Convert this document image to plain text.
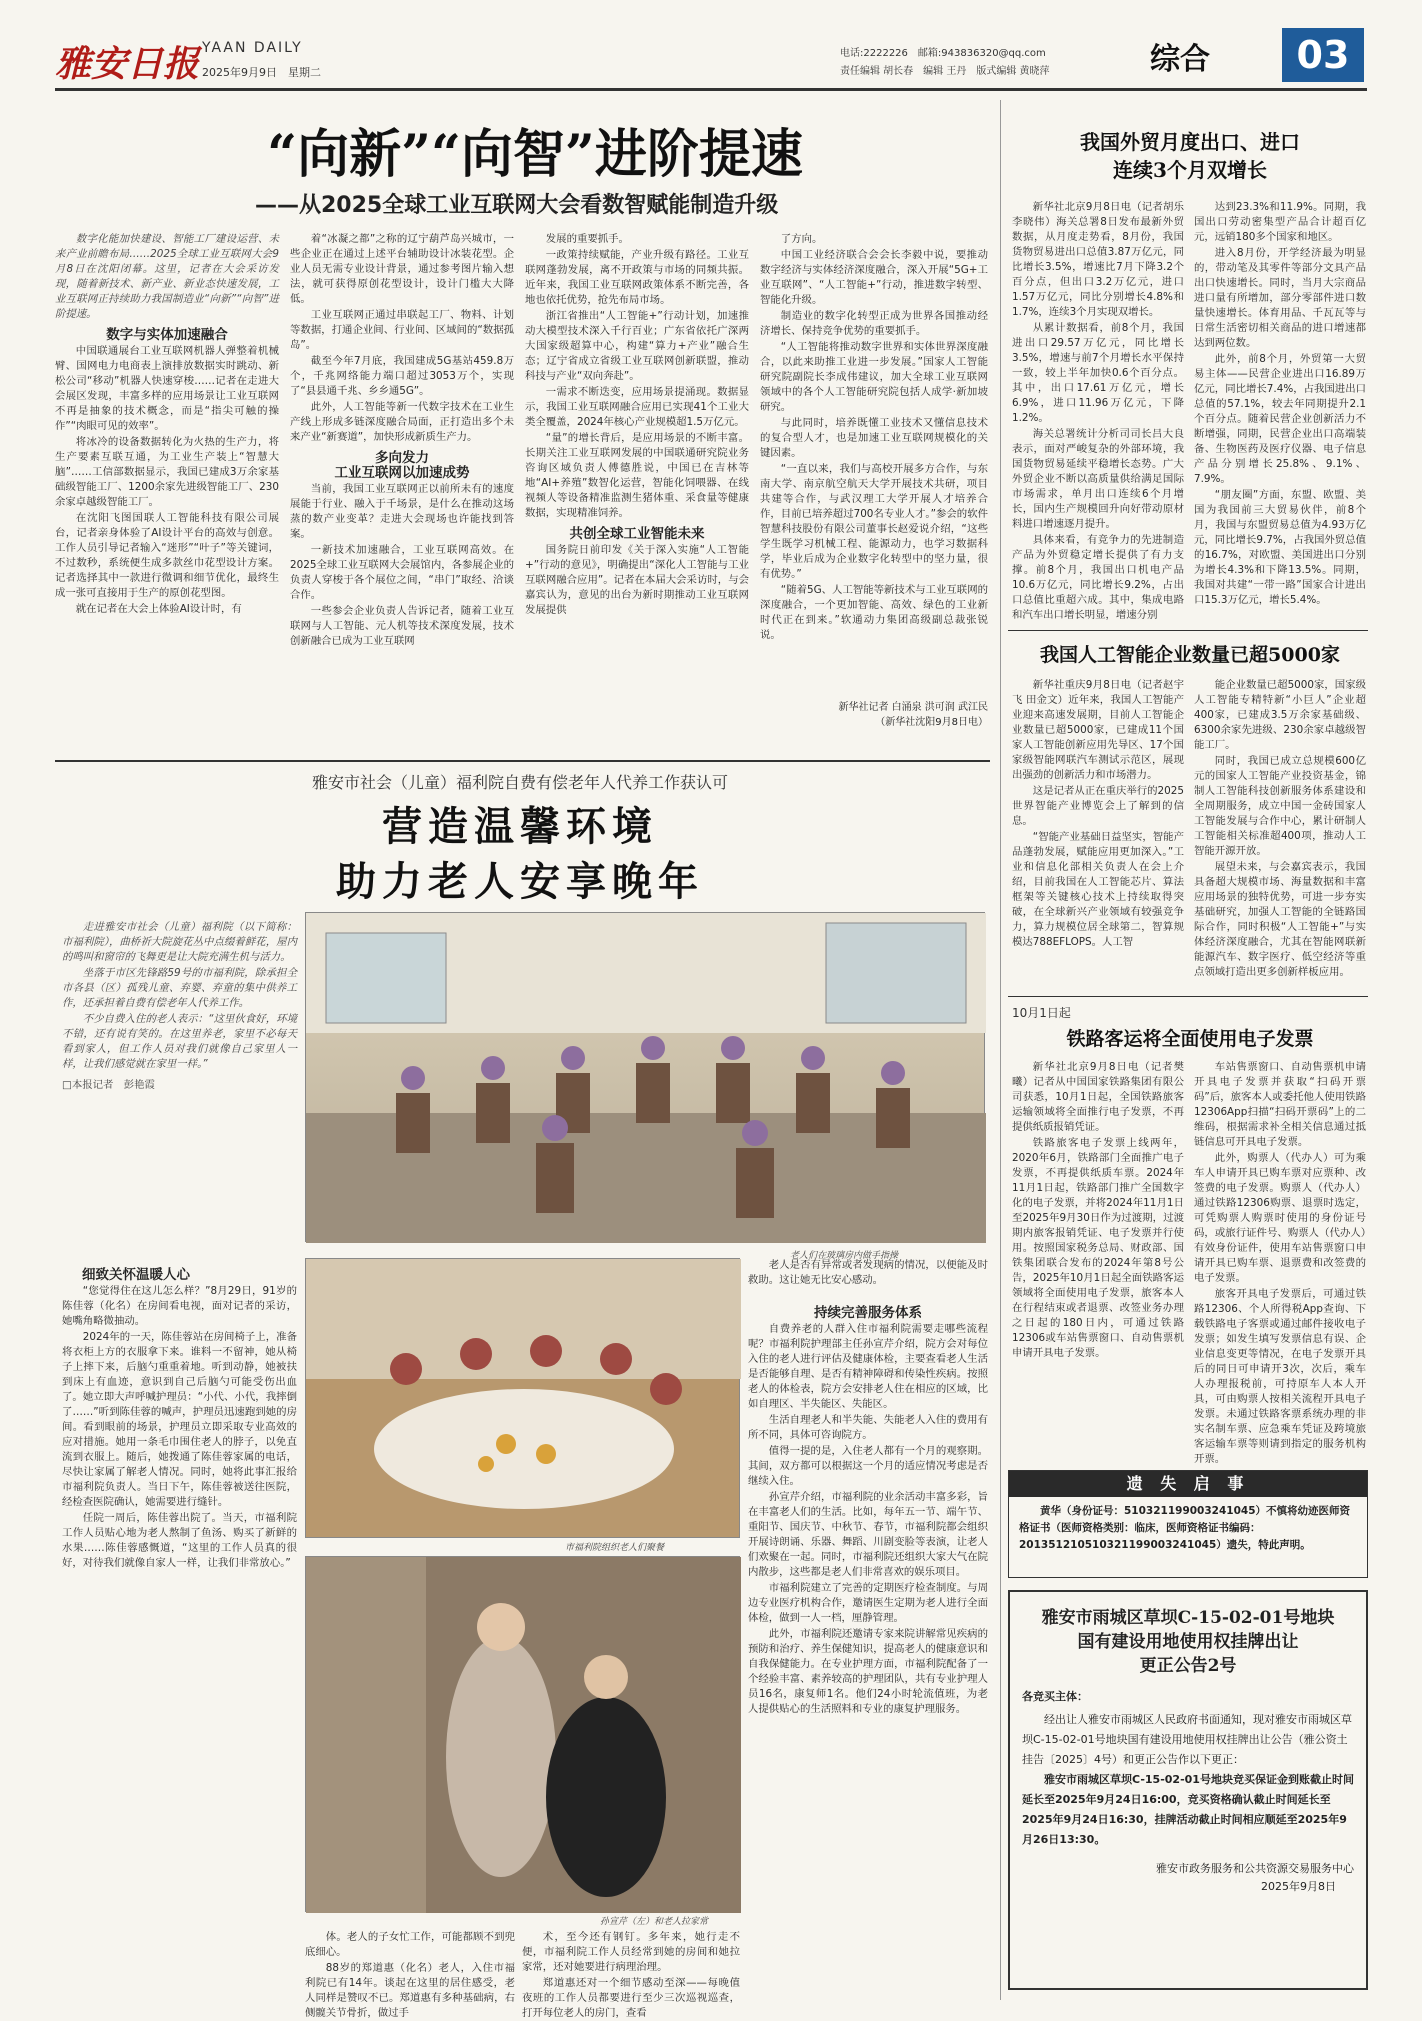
雅安日报 YAAN DAILY
2025年9月9日　 星期二
电话:2222226　 邮箱:943836320@qq.com
责任编辑 胡长春　编辑 王丹　版式编辑 黄晓萍	综合	03
“向新”“向智”进阶提速
——从2025全球工业互联网大会看数智赋能制造升级

数字化能加快建设、智能工厂建设运营、未来产业前瞻布局……2025全球工业互联网大会9月8日在沈阳闭幕。这里，记者在大会采访发现，随着新技术、新产业、新业态快速发展，工业互联网正持续助力我国制造业“向新”“向智”进阶提速。

数字与实体加速融合

中国联通展台工业互联网机器人弹整着机械臂、国网电力电商表上演排放数据实时跳动、新松公司“移动”机器人快速穿梭……记者在走进大会展区发现，丰富多样的应用场景让工业互联网不再是抽象的技术概念，而是“指尖可触的操作”“肉眼可见的效率”。

将冰冷的设备数据转化为火热的生产力，将生产要素互联互通，为工业生产装上“智慧大脑”……工信部数据显示，我国已建成3万余家基础级智能工厂、1200余家先进级智能工厂、230余家卓越级智能工厂。

在沈阳飞图国联人工智能科技有限公司展台，记者亲身体验了AI设计平台的高效与创意。工作人员引导记者输入“迷形”“叶子”等关键词，不过数秒，系统便生成多款丝巾花型设计方案。记者选择其中一款进行微调和细节优化，最终生成一张可直接用于生产的原创花型图。

就在记者在大会上体验AI设计时，有

着“冰凝之都”之称的辽宁葫芦岛兴城市，一些企业正在通过上述平台辅助设计冰装花型。企业人员无需专业设计背景，通过参考图片输入想法，就可获得原创花型设计，设计门槛大大降低。

工业互联网正通过串联起工厂、物料、计划等数据，打通企业间、行业间、区域间的“数据孤岛”。

截至今年7月底，我国建成5G基站459.8万个，千兆网络能力端口超过3053万个，实现了“县县通千兆、乡乡通5G”。

此外，人工智能等新一代数字技术在工业生产线上形成多链深度融合局面，正打造出多个未来产业“新赛道”，加快形成新质生产力。

多向发力
工业互联网以加速成势

当前，我国工业互联网正以前所未有的速度展能于行业、融入于千场景，是什么在推动这场蒸的数产业变革？走进大会现场也许能找到答案。

一新技术加速融合，工业互联网高效。在2025全球工业互联网大会展馆内，各参展企业的负责人穿梭于各个展位之间，“串门”取经、洽谈合作。

一些参会企业负责人告诉记者，随着工业互联网与人工智能、元人机等技术深度发展，技术创新融合已成为工业互联网

发展的重要抓手。

一政策持续赋能，产业升级有路径。工业互联网蓬勃发展，离不开政策与市场的同频共振。近年来，我国工业互联网政策体系不断完善，各地也依托优势，抢先布局市场。

浙江省推出“人工智能+”行动计划，加速推动大模型技术深入千行百业；广东省依托广深两大国家级超算中心，构建“算力+产业”融合生态；辽宁省成立省级工业互联网创新联盟，推动科技与产业“双向奔赴”。

一需求不断迭变，应用场景提涌现。数据显示，我国工业互联网融合应用已实现41个工业大类全覆盖，2024年核心产业规模超1.5万亿元。

“量”的增长背后，是应用场景的不断丰富。长期关注工业互联网发展的中国联通研究院业务咨询区域负责人傅德胜说，中国已在吉林等地“AI+养殖”数智化运营，智能化饲喂器、在线视频人等设备精准监测生猪体重、采食量等健康数据，实现精准饲养。

共创全球工业智能未来

国务院日前印发《关于深入实施“人工智能+”行动的意见》，明确提出“深化人工智能与工业互联网融合应用”。记者在本届大会采访时，与会嘉宾认为，意见的出台为新时期推动工业互联网发展提供

了方向。

中国工业经济联合会会长李毅中说，要推动数字经济与实体经济深度融合，深入开展“5G+工业互联网”、“人工智能+”行动，推进数字转型、智能化升级。

制造业的数字化转型正成为世界各国推动经济增长、保持竞争优势的重要抓手。

“人工智能将推动数字世界和实体世界深度融合，以此来助推工业进一步发展。”国家人工智能研究院副院长李成伟建议，加大全球工业互联网领域中的各个人工智能研究院包括人成学·新加坡研究。

与此同时，培养既懂工业技术又懂信息技术的复合型人才，也是加速工业互联网规模化的关键因素。

“一直以来，我们与高校开展多方合作，与东南大学、南京航空航天大学开展技术共研，项目共建等合作，与武汉理工大学开展人才培养合作，目前已培养超过700名专业人才。”参会的软件智慧科技股份有限公司董事长赵爱说介绍，“这些学生既学习机械工程、能源动力，也学习数据科学，毕业后成为企业数字化转型中的坚力量，很有优势。”

“随着5G、人工智能等新技术与工业互联网的深度融合，一个更加智能、高效、绿色的工业新时代正在到来。”软通动力集团高级副总裁张锐说。

新华社记者 白涌泉 洪可润 武江民
（新华社沈阳9月8日电）
我国外贸月度出口、进口
连续3个月双增长

新华社北京9月8日电（记者胡乐 李晓伟）海关总署8日发布最新外贸数据，从月度走势看，8月份，我国货物贸易进出口总值3.87万亿元，同比增长3.5%，增速比7月下降3.2个百分点，但出口3.2万亿元，进口1.57万亿元，同比分别增长4.8%和1.7%，连续3个月实现双增长。

从累计数据看，前8个月，我国进出口29.57万亿元，同比增长3.5%，增速与前7个月增长水平保持一致，较上半年加快0.6个百分点。其中，出口17.61万亿元，增长6.9%，进口11.96万亿元，下降1.2%。

海关总署统计分析司司长吕大良表示，面对严峻复杂的外部环境，我国货物贸易延续平稳增长态势。广大外贸企业不断以高质量供给满足国际市场需求，单月出口连续6个月增长，国内生产规模回升向好带动原材料进口增速逐月提升。

具体来看，有竞争力的先进制造产品为外贸稳定增长提供了有力支撑。前8个月，我国出口机电产品10.6万亿元，同比增长9.2%，占出口总值比重超六成。其中，集成电路和汽车出口增长明显，增速分别

达到23.3%和11.9%。同期，我国出口劳动密集型产品合计超百亿元，远销180多个国家和地区。

进入8月份，开学经济最为明显的，带动笔及其零件等部分文具产品出口快速增长。同时，当月大宗商品进口量有所增加，部分零部件进口数量快速增长。体育用品、千瓦瓦等与日常生活密切相关商品的进口增速都达到两位数。

此外，前8个月，外贸第一大贸易主体——民营企业进出口16.89万亿元，同比增长7.4%，占我国进出口总值的57.1%，较去年同期提升2.1个百分点。随着民营企业创新活力不断增强，同期，民营企业出口高端装备、生物医药及医疗仪器、电子信息产品分别增长25.8%、9.1%、7.9%。

“朋友圈”方面，东盟、欧盟、美国为我国前三大贸易伙伴，前8个月，我国与东盟贸易总值为4.93万亿元，同比增长9.7%，占我国外贸总值的16.7%，对欧盟、美国进出口分别为增长4.3%和下降13.5%。同期，我国对共建“一带一路”国家合计进出口15.3万亿元，增长5.4%。

我国人工智能企业数量已超5000家

新华社重庆9月8日电（记者赵宇飞 田金文）近年来，我国人工智能产业迎来高速发展期，目前人工智能企业数量已超5000家，已建成11个国家人工智能创新应用先导区、17个国家级智能网联汽车测试示范区，展现出强劲的创新活力和市场潜力。

这是记者从正在重庆举行的2025世界智能产业博览会上了解到的信息。

“智能产业基础日益坚实，智能产品蓬勃发展，赋能应用更加深入。”工业和信息化部相关负责人在会上介绍，目前我国在人工智能芯片、算法框架等关键核心技术上持续取得突破，在全球新兴产业领域有较强竞争力，算力规模位居全球第二，智算规模达788EFLOPS。人工智

能企业数量已超5000家，国家级人工智能专精特新“小巨人”企业超400家，已建成3.5万余家基础级、6300余家先进级、230余家卓越级智能工厂。

同时，我国已成立总规模600亿元的国家人工智能产业投资基金，锦制人工智能科技创新服务体系建设和全周期服务，成立中国一金砖国家人工智能发展与合作中心，累计研制人工智能相关标准超400项，推动人工智能开源开放。

展望未来，与会嘉宾表示，我国具备超大规模市场、海量数据和丰富应用场景的独特优势，可进一步夯实基础研究，加强人工智能的全链路国际合作，同时积极“人工智能+”与实体经济深度融合，尤其在智能网联新能源汽车、数字医疗、低空经济等重点领域打造出更多创新样板应用。

10月1日起
铁路客运将全面使用电子发票

新华社北京9月8日电（记者樊曦）记者从中国国家铁路集团有限公司获悉，10月1日起，全国铁路旅客运输领域将全面推行电子发票，不再提供纸质报销凭证。

铁路旅客电子发票上线两年，2020年6月，铁路部门全面推广电子发票，不再提供纸质车票。2024年11月1日起，铁路部门推广全国数字化的电子发票，并将2024年11月1日至2025年9月30日作为过渡期，过渡期内旅客报销凭证、电子发票并行使用。按照国家税务总局、财政部、国铁集团联合发布的2024年第8号公告，2025年10月1日起全面铁路客运领域将全面使用电子发票，旅客本人在行程结束或者退票、改签业务办理之日起的180日内，可通过铁路12306或车站售票窗口、自动售票机申请开具电子发票。

车站售票窗口、自动售票机申请开具电子发票并获取“扫码开票码”后，旅客本人或委托他人使用铁路12306App扫描“扫码开票码”上的二维码，根据需求补全相关信息通过抵链信息可开具电子发票。

此外，购票人（代办人）可为乘车人申请开具已购车票对应票种、改签费的电子发票。购票人（代办人）通过铁路12306购票、退票时选定，可凭购票人购票时使用的身份证号码，或旅行证件号、购票人（代办人）有效身份证件，使用车站售票窗口申请开具已购车票、退票费和改签费的电子发票。

旅客开具电子发票后，可通过铁路12306、个人所得税App查询、下载铁路电子客票或通过邮件接收电子发票；如发生填写发票信息有误、企业信息变更等情况，在电子发票开具后的同日可申请开3次，次后，乘车人办理报税前，可持原车人本人开具，可由购票人按相关流程开具电子发票。未通过铁路客票系统办理的非实名制车票、应急乘车凭证及跨境旅客运输车票等则请到指定的服务机构开票。

遗 失 启 事
黄华（身份证号：510321199003241045）不慎将幼迹医师资格证书（医师资格类别：临床，医师资格证书编码：201351210510321199003241045）遗失，特此声明。
雅安市雨城区草坝C-15-02-01号地块
国有建设用地使用权挂牌出让
更正公告2号
各竞买主体：
经出让人雅安市雨城区人民政府书面通知，现对雅安市雨城区草坝C-15-02-01号地块国有建设用地使用权挂牌出让公告（雅公资土挂告〔2025〕4号）和更正公告作以下更正：
雅安市雨城区草坝C-15-02-01号地块竞买保证金到账截止时间延长至2025年9月24日16:00，竞买资格确认截止时间延长至2025年9月24日16:30，挂牌活动截止时间相应顺延至2025年9月26日13:30。
雅安市政务服务和公共资源交易服务中心
2025年9月8日
雅安市社会（儿童）福利院自费有偿老年人代养工作获认可
营造温馨环境
助力老人安享晚年

走进雅安市社会（儿童）福利院（以下简称：市福利院），曲桥祈大院旋花丛中点缀着鲜花，屋内的鸣叫和窗帘的飞舞更是让大院充满生机与活力。

坐落于市区先锋路59号的市福利院，除承担全市各县（区）孤残儿童、弃婴、弃童的集中供养工作，还承担着自费有偿老年人代养工作。

不少自费入住的老人表示：“这里伙食好，环境不错，还有说有笑的。在这里养老，家里不必每天看到家人，但工作人员对我们就像自己家里人一样，让我们感觉就在家里一样。”

□本报记者　彭艳霞

老人们在玻璃房内做手指操

细致关怀温暖人心

“您觉得住在这儿怎么样？”8月29日，91岁的陈佳蓉（化名）在房间看电视，面对记者的采访，她嘴角略微抽动。

2024年的一天，陈佳蓉站在房间椅子上，准备将衣柜上方的衣服拿下来。谁料一不留神，她从椅子上摔下来，后脑勺重重着地。听到动静，她被扶到床上有血迹，意识到自己后脑勺可能受伤出血了。她立即大声呼喊护理员：“小代、小代，我摔倒了……”听到陈佳蓉的喊声，护理员迅速跑到她的房间。看到眼前的场景，护理员立即采取专业高效的应对措施。她用一条毛巾围住老人的脖子，以免直流到衣服上。随后，她拨通了陈佳蓉家属的电话，尽快让家属了解老人情况。同时，她将此事汇报给市福利院负责人。当日下午，陈佳蓉被送往医院，经检查医院确认，她需要进行缝针。

任院一周后，陈佳蓉出院了。当天，市福利院工作人员贴心地为老人熬制了鱼汤、购买了新鲜的水果……陈佳蓉感慨道，“这里的工作人员真的很好，对待我们就像自家人一样，让我们非常放心。”

市福利院组织老人们聚餐

老人是否有异常或者发现病的情况，以便能及时救助。这让她无比安心感动。

持续完善服务体系

自费养老的人群入住市福利院需要走哪些流程呢？市福利院护理部主任孙宣芹介绍，院方会对每位入住的老人进行评估及健康体检，主要查看老人生活是否能够自理、是否有精神障碍和传染性疾病。按照老人的体检表，院方会安排老人住在相应的区域，比如自理区、半失能区、失能区。

生活自理老人和半失能、失能老人入住的费用有所不同，具体可咨询院方。

值得一提的是，入住老人都有一个月的观察期。其间，双方都可以根据这一个月的适应情况考虑是否继续入住。

孙宣芹介绍，市福利院的业余活动丰富多彩，旨在丰富老人们的生活。比如，每年五一节、端午节、重阳节、国庆节、中秋节、春节，市福利院都会组织开展诗朗诵、乐器、舞蹈、川剧变脸等表演，让老人们欢聚在一起。同时，市福利院还组织大家大气在院内散步，这些都是老人们非常喜欢的娱乐项目。

市福利院建立了完善的定期医疗检查制度。与周边专业医疗机构合作，邀请医生定期为老人进行全面体检，做到一人一档，厘静管理。

此外，市福利院还邀请专家来院讲解常见疾病的预防和治疗、养生保健知识，提高老人的健康意识和自我保健能力。在专业护理方面，市福利院配备了一个经验丰富、素养较高的护理团队，共有专业护理人员16名，康复师1名。他们24小时轮流值班，为老人提供贴心的生活照料和专业的康复护理服务。

孙宣芹（左）和老人拉家常

体。老人的子女忙工作，可能都顾不到兜底细心。

88岁的郑道惠（化名）老人，入住市福利院已有14年。谈起在这里的居住感受，老人同样是赞叹不已。郑道惠有多种基础病，右侧髋关节骨折，做过手

术，至今还有钢钉。多年来，她行走不便，市福利院工作人员经常到她的房间和她拉家常，还对她要进行病理治理。

郑道惠还对一个细节感动至深——每晚值夜班的工作人员都要进行至少三次巡视巡查，打开每位老人的房门，查看
